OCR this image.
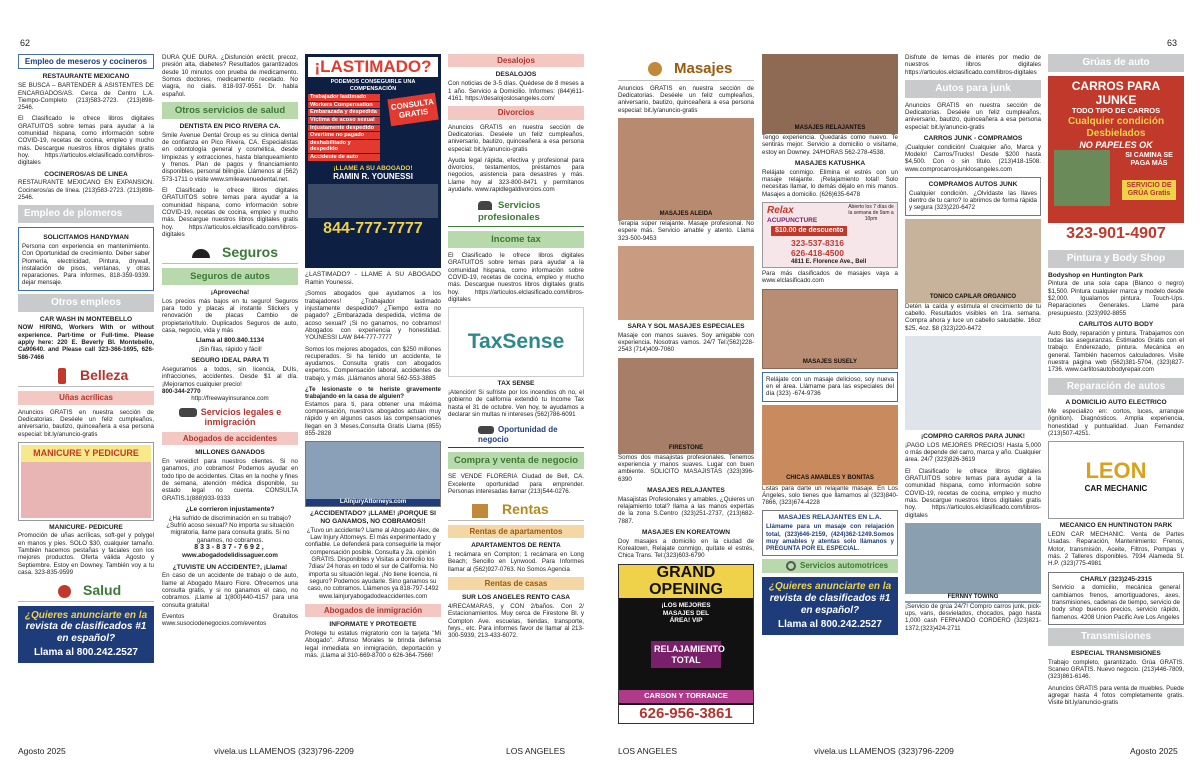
62
Empleo de meseros y cocineros
RESTAURANTE MEXICANO
SE BUSCA – BARTENDER & ASISTENTES DE ENCARGADOS/AS. Cerca de Centro L.A. Tiempo-Completo (213)583-2723. (213)898-2546.
El Clasificado le ofrece libros digitales GRATUITOS sobre temas para ayudar a la comunidad hispana, como información sobre COVID-19, recetas de cocina, empleo y mucho más. Descargue nuestros libros digitales gratis hoy. https://articulos.elclasificado.com/libros-digitales
COCINEROS/AS DE LINEA
RESTAURANTE MEXICANO EN EXPANSION. Cocineros/as de línea. (213)583-2723. (213)898-2546.
Empleo de plomeros
SOLICITAMOS HANDYMAN
Persona con experiencia en mantenimiento. Con Oportunidad de crecimiento. Deber saber Plomería, electricidad, Pintura, drywall, instalación de pisos, ventanas, y otras reparaciones. Para informes, 818-359-9339. dejar mensaje.
Otros empleos
CAR WASH IN MONTEBELLO
NOW HIRING, Workers With or without experience. Part-time or Full-time. Please apply here: 220 E. Beverly Bl. Montebello, Ca90640. and Please call 323-366-1695, 626-586-7466
Belleza
Uñas acrílicas
Anuncios GRATIS en nuestra sección de Dedicatorias. Deséele un feliz cumpleaños, aniversario, bautizo, quinceañera a esa persona especial: bit.ly/anuncio-gratis
MANICURE Y PEDICURE
MANICURE- PEDICURE
Promoción de uñas acrílicas, soft-gel y polygel en manos y pies. SOLO $30, cualquier tamaño. También hacemos pestañas y faciales con los mejores productos. Oferta válida Agosto y Septiembre. Estoy en Downey. También voy a tu casa. 323-835-9599
Salud
¿Quieres anunciarte en la
revista de clasificados #1
en español?
Llama al 800.242.2527
DURA QUE DURA. ¿Disfunción eréctil, precoz, presión alta, diabetes? Resultados garantizados desde 10 minutos con prueba de medicamento. Somos doctores, medicamento recetado. No viagra, no cialis. 818-937-9551 Dr. habla español.
Otros servicios de salud
DENTISTA EN PICO RIVERA CA.
Smile Avenue Dental Group es su clínica dental de confianza en Pico Rivera, CA. Especialistas en odontología general y cosmética, desde limpiezas y extracciones, hasta blanqueamiento y frenos. Plan de pagos y financiamiento disponibles, personal bilingüe. Llámenos al (562) 573-1711 o visite www.smileavenuedental.net.
El Clasificado le ofrece libros digitales GRATUITOS sobre temas para ayudar a la comunidad hispana, como información sobre COVID-19, recetas de cocina, empleo y mucho más. Descargue nuestros libros digitales gratis hoy. https://articulos.elclasificado.com/libros-digitales
Seguros
Seguros de autos
¡Aprovecha!
Los precios más bajos en tu seguro! Seguros para todo y placas al instante Stickers y renovación de placas Cambio de propietario/título. Duplicados Seguros de auto, casa, negocio, vida y más
Llama al 800.840.1134
¡Sin filas, rápido y fácil!
SEGURO IDEAL PARA TI
Aseguramos a todos, sin licencia, DUIs, infracciones, accidentes. Desde $1 al día. ¡Mejoramos cualquier precio!
800-344-2770
http://freewayinsurance.com
Servicios legales e inmigración
Abogados de accidentes
MILLONES GANADOS
En vereidict para nuestros clientes. Si no ganamos, ¡no cobramos! Podemos ayudar en todo tipo de accidentes. Citas en la noche y fines de semana, atención médica disponible, su estado legal no cuenta. CONSULTA GRATIS.1(888)933-9333
¿Le corrieron injustamente?
¿Ha sufrido de discriminación en su trabajo? ¿Sufrió acoso sexual? No importa su situación migratoria, llame para consulta gratis. Si no ganamos, no cobramos.
833-837-7692,
www.abogadodelidissaguer.com
¿TUVISTE UN ACCIDENTE?, ¡Llama!
En caso de un accidente de trabajo o de auto, llame al Abogado Mauro Fiore. Ofrecemos una consulta gratis, y si no ganamos el caso, no cobramos. ¡Llame al 1(800)440-4157 para una consulta gratuita!
Eventos Gratuitos www.susociodenegocios.com/eventos
¡LASTIMADO?
PODEMOS CONSEGUIRLE UNA COMPENSACIÓN
Trabajador lastimado
Workers Compensation
Embarazada y despedida
Víctima de acoso sexual
Injustamente despedido
Overtime no pagado
deshabilitado y despedido
Accidente de auto
CONSULTA GRATIS
¡LLAME A SU ABOGADO!
RAMIN R. YOUNESSI
844-777-7777
¿LASTIMADO? - LLAME A SU ABOGADO Ramin Younessi.
¡Somos abogados que ayudamos a los trabajadores! ¿Trabajador lastimado injustamente despedido? ¿Tiempo extra no pagado? ¿Embarazada despedida, víctima de acoso sexual? ¡Si no ganamos, no cobramos! Abogados con experiencia y honestidad. YOUNESSI LAW 844-777-7777
Somos los mejores abogados, con $250 millones recuperados. Si ha tenido un accidente, te ayudamos. Consulta gratis con abogados expertos. Compensación laboral, accidentes de trabajo, y más. ¡Llámanos ahora! 562-553-3885
¿Te lesionaste o te heriste gravemente trabajando en la casa de alguien?
Estamos para ti, para obtener una máxima compensación, nuestros abogados actuan muy rápido y en algunos casos las compensaciones llegan en 3 Meses.Consulta Gratis Llama (855) 855-2828
LAInjuryAttorneys.com
¿ACCIDENTADO? ¡LLAME! ¡PORQUE SI NO GANAMOS, NO COBRAMOS!!
¿Tuvo un accidente? Llame al Abogado Alex, de Law Injury Attorneys. El más experimentado y confiable. Le defenderá para conseguirle la mejor compensación posible. Consulta y 2a. opinión GRATIS. Disponibles y Visitas a domicilio los 7dias/ 24 horas en todo el sur de California. No importa su situación legal. ¡No tiene licencia, ni seguro? Podemos ayudarle. Sino ganamos su caso, no cobramos. Llámenos ya 818-797-1492 www.lainjuryabogadodeaccidentes.com
Abogados de inmigración
INFORMATE Y PROTEGETE
Protege tu estatus migratorio con la tarjeta "Mi Abogado". Alfonso Morales te brinda defensa legal inmediata en inmigración, deportación y más. ¡Llama al 310-669-8700 o 626-364-7566!
Desalojos
DESALOJOS
Con noticias de 3-5 días. Quédese de 8 meses a 1 año. Servicio a Domicilio. Informes: (844)611-4161. https://desalojoslosangeles.com/
Divorcios
Anuncios GRATIS en nuestra sección de Dedicatorias. Deséele un feliz cumpleaños, aniversario, bautizo, quinceañera a esa persona especial: bit.ly/anuncio-gratis
Ayuda legal rápida, efectiva y profesional para divorcios, testamentos, préstamos para negocios, asistencia para desastres y más. Llame hoy al 323-800-8471 y permítanos ayudarle. www.rapidlegaldivorcios.com
Servicios profesionales
Income tax
El Clasificado le ofrece libros digitales GRATUITOS sobre temas para ayudar a la comunidad hispana, como información sobre COVID-19, recetas de cocina, empleo y mucho más. Descargue nuestros libros digitales gratis hoy. https://articulos.elclasificado.com/libros-digitales
TaxSense
TAX SENSE
¡Atención! Si sufriste por los incendios oh no, el gobierno de california extendió tu Income Tax hasta el 31 de octubre. Ven hoy, te ayudamos a declarar sin multas ni intereses (562)786-6091
Oportunidad de negocio
Compra y venta de negocio
SE VENDE FLORERIA Ciudad de Bell, CA. Excelente oportunidad para emprender. Personas interesadas llamar (213)544-0276.
Rentas
Rentas de apartamentos
APARTAMENTOS DE RENTA
1 recámara en Compton; 1 recámara en Long Beach; Sencillo en Lynwood. Para Informes llamar al (562)927-0763. No Somos Agencia
Rentas de casas
SUR LOS ANGELES RENTO CASA
4/RECAMARAS, y CON 2/baños. Con 2/ Estacionamientos. Muy cerca de Firestone Bl. y Compton Ave. escuelas, tiendas, transporte, fwys., etc. Para informes favor de llamar al 213-300-5939, 213-433-6072.
Agosto 2025	vivela.us LLAMENOS (323)796-2209	LOS ANGELES
63
Masajes
Anuncios GRATIS en nuestra sección de Dedicatorias. Deséele un feliz cumpleaños, aniversario, bautizo, quinceañera a esa persona especial: bit.ly/anuncio-gratis
MASAJES ALEIDA
Terapia súper relajante. Masaje profesional. No espere más. Servicio amable y atento. Llama 323-500-9453
SARA Y SOL MASAJES ESPECIALES
Masaje con manos suaves. Soy amigable con experiencia. Nosotras vamos. 24/7 Tel:(562)228-2543 (714)409-7060
FIRESTONE
Somos dos masajistas profesionales. Tenemos experiencia y manos suaves. Lugar con buen ambiente. SOLICITO MASAJISTAS (323)396-6390
MASAJES RELAJANTES
Masajistas Profesionales y amables. ¿Quieres un relajamiento total? llama a las manos expertas de la zona S.Centro (323)251-2737, (213)682-7887.
MASAJES EN KOREATOWN
Doy masajes a domicilio en la ciudad de Koreatown, Relajate conmigo, quítate el estrés, Chica Trans. Tel:(323)603-6790
GRAND
OPENING
¡LOS MEJORES MASAJES DEL ÁREA! VIP
RELAJAMIENTO TOTAL
CARSON Y TORRANCE
626-956-3861
MASAJES RELAJANTES
Tengo experiencia. Quedarás como nuevo. Te sentirás mejor. Servicio a domicilio o visítame, estoy en Downey. 24/HORAS 562-278-4538.
MASAJES KATUSHKA
Relájate conmigo. Elimina el estrés con un masaje relajante. ¡Relajamiento total! Solo necesitas llamar, lo demás déjalo en mis manos. Masajes a domicilio. (626)635-6478
Relax
ACUPUNCTURE
Abierto los 7 días de la semana de 9am a 10pm
$10.00 de descuento
323-537-8316
626-418-4500
4811 E. Florence Ave., Bell
Para más clasificados de masajes vaya a www.elclasificado.com
MASAJES SUSELY
Relájate con un masaje delicioso, soy nueva en el área. Llámame para las especiales del día (323) -674-9736
CHICAS AMABLES Y BONITAS
Listas para darte un relajante masaje. En Los Ángeles, solo tienes que llamarnos al (323)840-7866, (323)674-4228
MASAJES RELAJANTES EN L.A.
Llámame para un masaje con relajación total, (323)646-2159, (424)362-1249.Somos muy amables y atentas solo llámanos y PREGUNTA POR EL ESPECIAL.
Servicios automotrices
¿Quieres anunciarte en la
revista de clasificados #1
en español?
Llama al 800.242.2527
Disfrute de temas de interés por medio de nuestros libros digitales https://articulos.elclasificado.com/libros-digitales
Autos para junk
Anuncios GRATIS en nuestra sección de Dedicatorias. Deséele un feliz cumpleaños, aniversario, bautizo, quinceañera a esa persona especial: bit.ly/anuncio-gratis
CARROS JUNK - COMPRAMOS
¡Cualquier condición! Cualquier año, Marca y Modelo! Carros/Trucks! Desde $200 hasta $4,500. Con o sin título. (213)418-1508. www.comprocarrosjunklosangeles.com
COMPRAMOS AUTOS JUNK
Cualquier condición. ¿Olvídaste las llaves dentro de tu carro? lo abrimos de forma rápida y segura (323)220-6472
TONICO CAPILAR ORGANICO
Detén la caída y estimula el crecimiento de tu cabello. Resultados visibles en 1ra. semana. Compra ahora y luce un cabello saludable. 16oz $25, 4oz. $8 (323)220-6472
¡COMPRO CARROS PARA JUNK!
¡PAGO LOS MEJORES PRECIOS! Hasta 5,000 o más depende del carro, marca y año. Cualquier área. 24/7 (323)826-3619
El Clasificado le ofrece libros digitales GRATUITOS sobre temas para ayudar a la comunidad hispana, como información sobre COVID-19, recetas de cocina, empleo y mucho más. Descargue nuestros libros digitales gratis hoy. https://articulos.elclasificado.com/libros-digitales
FERNNY TOWING
¡Servicio de grúa 24/7! Compro carros junk, pick-ups, vans, desvielados, chocados, pago hasta 1,000 cash FERNANDO CORDERO (323)821-1372,(323)424-2711
Grúas de auto
CARROS PARA JUNKE
TODO TIPO DE CARROS
Cualquier condición
Desbielados
NO PAPELES OK
SI CAMINA SE PAGA MÁS
SERVICIO DE GRÚA Gratis
323-901-4907
Pintura y Body Shop
Bodyshop en Huntington Park
Pintura de una sola capa (Blanco o negro) $1,500. Pintura cualquier marca y modelo desde $2,000. Igualamos pintura. Touch-Ups. Reparaciones Generales. Llame para presupuesto. (323)992-8855
CARLITOS AUTO BODY
Auto Body, reparación y pintura. Trabajamos con todas las aseguranzas. Estimados Gratis con el trabajo. Enderezado, pintura. Mecánica en general. También hacemos calculadores. Visite nuestra página web (562)381-5704, (323)827-1736. www.carlitosautobodyrepair.com
Reparación de autos
A DOMICILIO AUTO ELECTRICO
Me especializo en: cortos, luces, arranque (ignition). Diagnósticos. Amplia experiencia, honestidad y puntualidad. Juan Fernandez (213)507-4251.
LEON
CAR MECHANIC
MECANICO EN HUNTINGTON PARK
LEON CAR MECHANIC. Venta de Partes Usadas. Reparación, Mantenimiento: Frenos, Motor, transmisión, Aceite, Filtros, Pompas y más. 2 Talleres disponibles. 7934 Alameda St. H.P. (323)775-4981
CHARLY (323)245-2315
Servicio a domicilio, mecánica general cambiamos frenos, amortiguadores, axes, transmisiones, cadenas de tiempo, servicio de body shop buenos precios, servicio rápido, fiamenos. 4208 Union Pacific Ave Los Angeles
Transmisiones
ESPECIAL TRANSMISIONES
Trabajo completo, garantizado. Grúa GRATIS. Scaneo GRATIS. Nuevo negocio. (213)446-7809, (323)861-6146.
Anuncios GRATIS para venta de muebles. Puede agregar hasta 4 fotos completamente gratis. Visite bit.ly/anuncio-gratis
LOS ANGELES	vivela.us LLAMENOS (323)796-2209	Agosto 2025
